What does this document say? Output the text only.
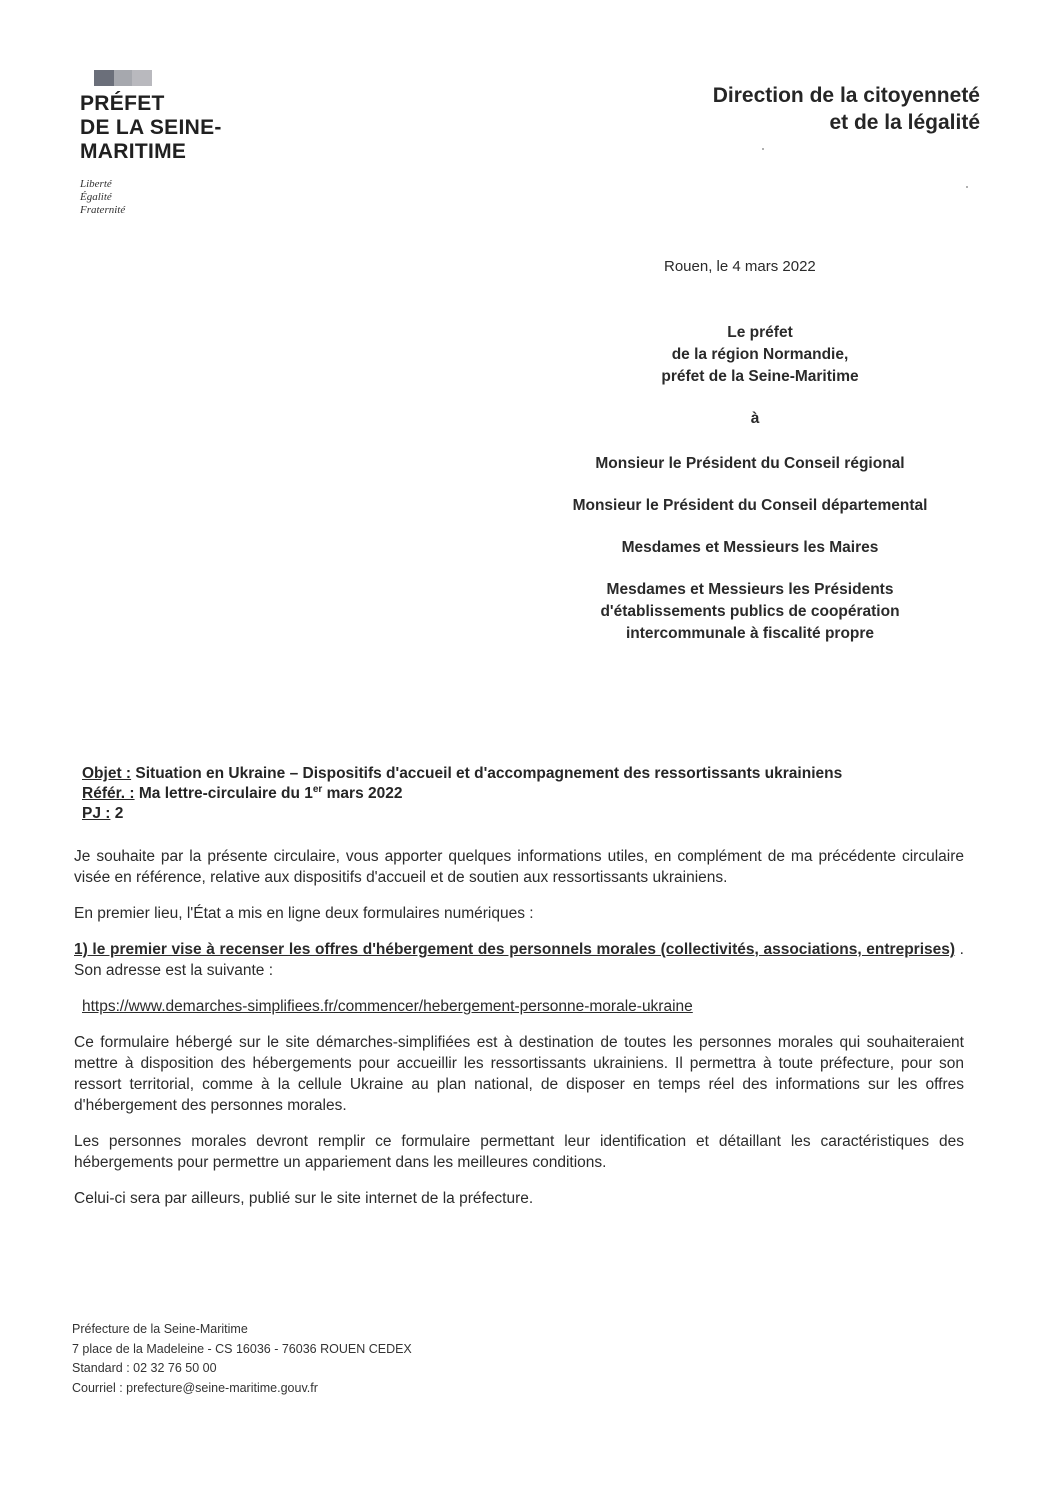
PRÉFET
DE LA SEINE-
MARITIME
Liberté
Égalité
Fraternité
Direction de la citoyenneté
et de la légalité
Rouen, le 4 mars 2022
Le préfet
de la région Normandie,
préfet de la Seine-Maritime
à
Monsieur le Président du Conseil régional
Monsieur le Président du Conseil départemental
Mesdames et Messieurs les Maires
Mesdames et Messieurs les Présidents
d'établissements publics de coopération
intercommunale à fiscalité propre
Objet : Situation en Ukraine – Dispositifs d'accueil et d'accompagnement des ressortissants ukrainiens
Référ. : Ma lettre-circulaire du 1er mars 2022
PJ : 2

Je souhaite par la présente circulaire, vous apporter quelques informations utiles, en complément de ma précédente circulaire visée en référence, relative aux dispositifs d'accueil et de soutien aux ressortissants ukrainiens.

En premier lieu, l'État a mis en ligne deux formulaires numériques :

1) le premier vise à recenser les offres d'hébergement des personnels morales (collectivités, associations, entreprises) . Son adresse est la suivante :

https://www.demarches-simplifiees.fr/commencer/hebergement-personne-morale-ukraine

Ce formulaire hébergé sur le site démarches-simplifiées est à destination de toutes les personnes morales qui souhaiteraient mettre à disposition des hébergements pour accueillir les ressortissants ukrainiens. Il permettra à toute préfecture, pour son ressort territorial, comme à la cellule Ukraine au plan national, de disposer en temps réel des informations sur les offres d'hébergement des personnes morales.

Les personnes morales devront remplir ce formulaire permettant leur identification et détaillant les caractéristiques des hébergements pour permettre un appariement dans les meilleures conditions.

Celui-ci sera par ailleurs, publié sur le site internet de la préfecture.

Préfecture de la Seine-Maritime
7 place de la Madeleine - CS 16036 - 76036 ROUEN CEDEX
Standard : 02 32 76 50 00
Courriel : prefecture@seine-maritime.gouv.fr
